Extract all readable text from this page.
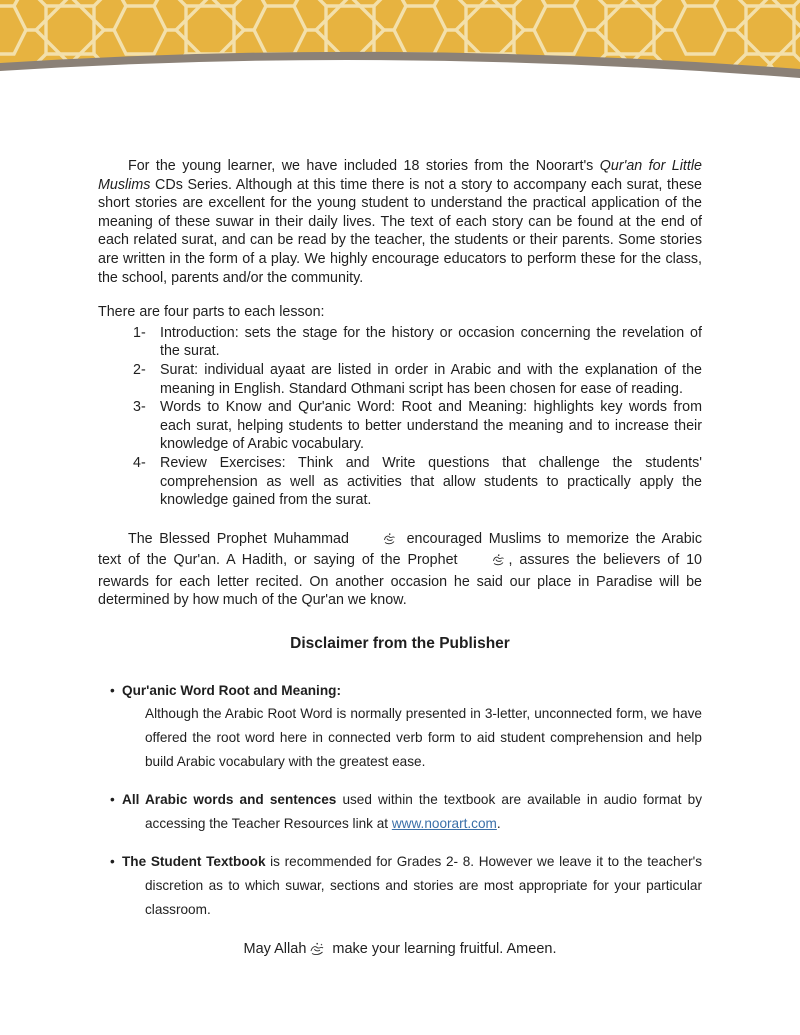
For the young learner, we have included 18 stories from the Noorart's Qur'an for Little Muslims CDs Series. Although at this time there is not a story to accompany each surat, these short stories are excellent for the young student to understand the practical application of the meaning of these suwar in their daily lives. The text of each story can be found at the end of each related surat, and can be read by the teacher, the students or their parents. Some stories are written in the form of a play. We highly encourage educators to perform these for the class, the school, parents and/or the community.

There are four parts to each lesson:

1- Introduction: sets the stage for the history or occasion concerning the revelation of the surat.
2- Surat: individual ayaat are listed in order in Arabic and with the explanation of the meaning in English. Standard Othmani script has been chosen for ease of reading.
3- Words to Know and Qur'anic Word: Root and Meaning: highlights key words from each surat, helping students to better understand the meaning and to increase their knowledge of Arabic vocabulary.
4- Review Exercises: Think and Write questions that challenge the students' comprehension as well as activities that allow students to practically apply the knowledge gained from the surat.

The Blessed Prophet Muhammad	encouraged Muslims to memorize the Arabic text of the Qur'an. A Hadith, or saying of the Prophet	, assures the believers of 10 rewards for each letter recited. On another occasion he said our place in Paradise will be determined by how much of the Qur'an we know.

Disclaimer from the Publisher
• Qur'anic Word Root and Meaning:
Although the Arabic Root Word is normally presented in 3-letter, unconnected form, we have offered the root word here in connected verb form to aid student comprehension and help build Arabic vocabulary with the greatest ease.
• All Arabic words and sentences used within the textbook are available in audio format by accessing the Teacher Resources link at www.noorart.com.
• The Student Textbook is recommended for Grades 2- 8. However we leave it to the teacher's discretion as to which suwar, sections and stories are most appropriate for your particular classroom.

May Allah make your learning fruitful. Ameen.
